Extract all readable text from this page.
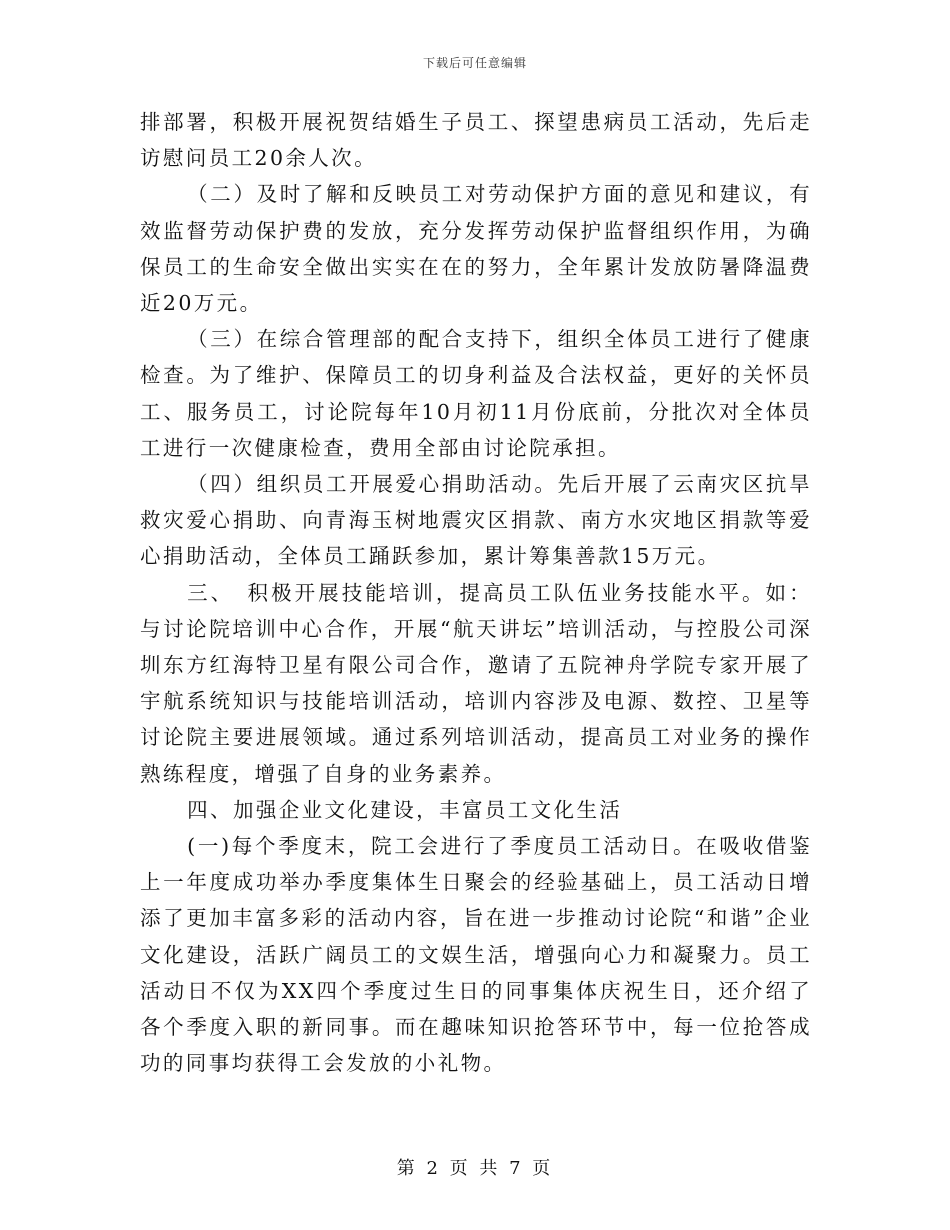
下载后可任意编辑

排部署，积极开展祝贺结婚生子员工、探望患病员工活动，先后走访慰问员工20余人次。

（二）及时了解和反映员工对劳动保护方面的意见和建议，有效监督劳动保护费的发放，充分发挥劳动保护监督组织作用，为确保员工的生命安全做出实实在在的努力，全年累计发放防暑降温费近20万元。

（三）在综合管理部的配合支持下，组织全体员工进行了健康检查。为了维护、保障员工的切身利益及合法权益，更好的关怀员工、服务员工，讨论院每年10月初11月份底前，分批次对全体员工进行一次健康检查，费用全部由讨论院承担。

（四）组织员工开展爱心捐助活动。先后开展了云南灾区抗旱救灾爱心捐助、向青海玉树地震灾区捐款、南方水灾地区捐款等爱心捐助活动，全体员工踊跃参加，累计筹集善款15万元。

三、　积极开展技能培训，提高员工队伍业务技能水平。如：与讨论院培训中心合作，开展“航天讲坛”培训活动，与控股公司深圳东方红海特卫星有限公司合作，邀请了五院神舟学院专家开展了宇航系统知识与技能培训活动，培训内容涉及电源、数控、卫星等讨论院主要进展领域。通过系列培训活动，提高员工对业务的操作熟练程度，增强了自身的业务素养。

四、加强企业文化建设，丰富员工文化生活

(一)每个季度末，院工会进行了季度员工活动日。在吸收借鉴上一年度成功举办季度集体生日聚会的经验基础上，员工活动日增添了更加丰富多彩的活动内容，旨在进一步推动讨论院“和谐”企业文化建设，活跃广阔员工的文娱生活，增强向心力和凝聚力。员工活动日不仅为XX四个季度过生日的同事集体庆祝生日，还介绍了各个季度入职的新同事。而在趣味知识抢答环节中，每一位抢答成功的同事均获得工会发放的小礼物。

第 2 页 共 7 页
